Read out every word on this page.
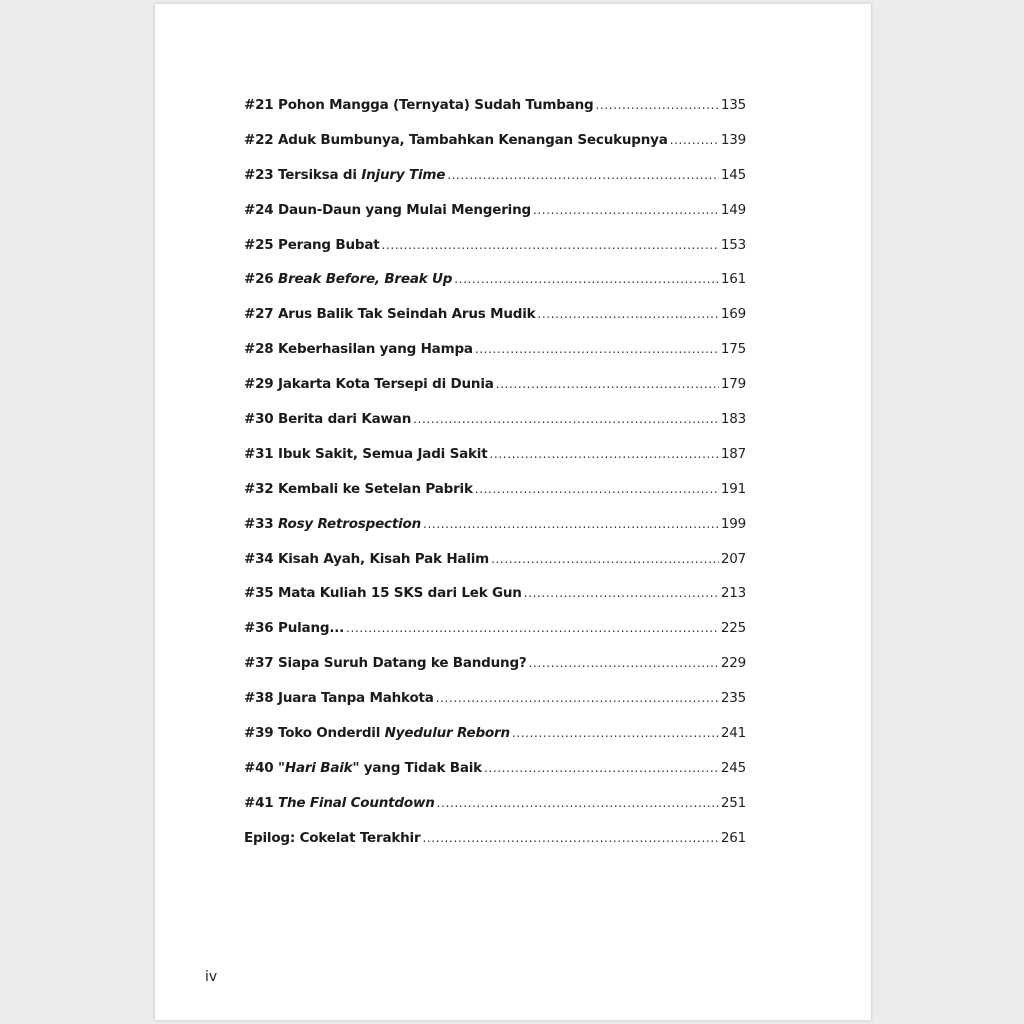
#21 Pohon Mangga (Ternyata) Sudah Tumbang . . .	135
#22 Aduk Bumbunya, Tambahkan Kenangan Secukupnya . . .	139
#23 Tersiksa di Injury Time . . .	145
#24 Daun-Daun yang Mulai Mengering . . .	149
#25 Perang Bubat . . .	153
#26 Break Before, Break Up . . .	161
#27 Arus Balik Tak Seindah Arus Mudik . . .	169
#28 Keberhasilan yang Hampa . . .	175
#29 Jakarta Kota Tersepi di Dunia . . .	179
#30 Berita dari Kawan . . .	183
#31 Ibuk Sakit, Semua Jadi Sakit . . .	187
#32 Kembali ke Setelan Pabrik . . .	191
#33 Rosy Retrospection . . .	199
#34 Kisah Ayah, Kisah Pak Halim . . .	207
#35 Mata Kuliah 15 SKS dari Lek Gun . . .	213
#36 Pulang... . . .	225
#37 Siapa Suruh Datang ke Bandung? . . .	229
#38 Juara Tanpa Mahkota . . .	235
#39 Toko Onderdil Nyedulur Reborn . . .	241
#40 "Hari Baik" yang Tidak Baik . . .	245
#41 The Final Countdown . . .	251
Epilog: Cokelat Terakhir . . .	261
iv
